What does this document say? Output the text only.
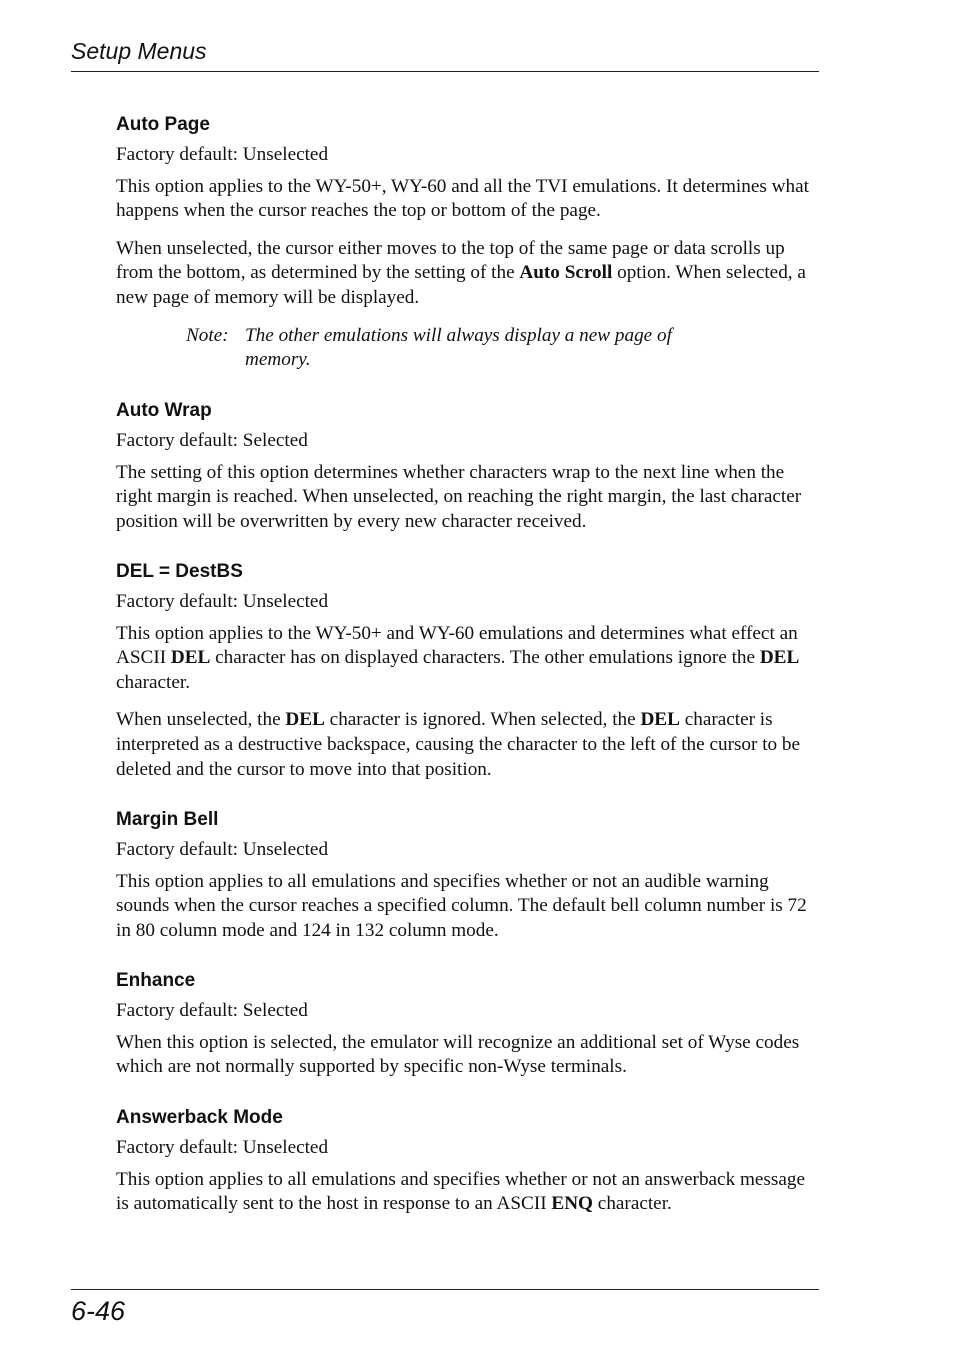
Setup Menus
Auto Page
Factory default: Unselected
This option applies to the WY-50+, WY-60 and all the TVI emulations. It determines what happens when the cursor reaches the top or bottom of the page.
When unselected, the cursor either moves to the top of the same page or data scrolls up from the bottom, as determined by the setting of the Auto Scroll option. When selected, a new page of memory will be displayed.
Note: The other emulations will always display a new page of memory.
Auto Wrap
Factory default: Selected
The setting of this option determines whether characters wrap to the next line when the right margin is reached. When unselected, on reaching the right margin, the last character position will be overwritten by every new character received.
DEL = DestBS
Factory default: Unselected
This option applies to the WY-50+ and WY-60 emulations and determines what effect an ASCII DEL character has on displayed characters. The other emulations ignore the DEL character.
When unselected, the DEL character is ignored. When selected, the DEL character is interpreted as a destructive backspace, causing the character to the left of the cursor to be deleted and the cursor to move into that position.
Margin Bell
Factory default: Unselected
This option applies to all emulations and specifies whether or not an audible warning sounds when the cursor reaches a specified column. The default bell column number is 72 in 80 column mode and 124 in 132 column mode.
Enhance
Factory default: Selected
When this option is selected, the emulator will recognize an additional set of Wyse codes which are not normally supported by specific non-Wyse terminals.
Answerback Mode
Factory default: Unselected
This option applies to all emulations and specifies whether or not an answerback message is automatically sent to the host in response to an ASCII ENQ character.
6-46
